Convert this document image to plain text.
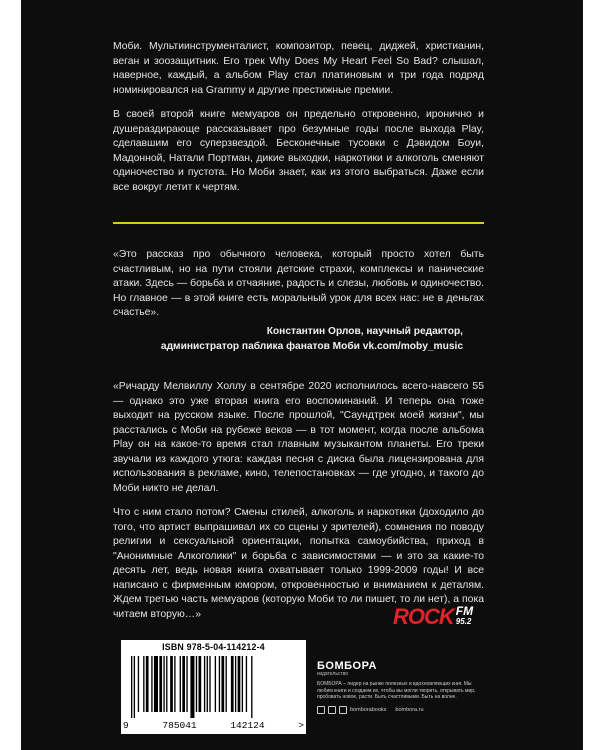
Моби. Мультиинструменталист, композитор, певец, диджей, христианин, веган и зоозащитник. Его трек Why Does My Heart Feel So Bad? слышал, наверное, каждый, а альбом Play стал платиновым и три года подряд номинировался на Grammy и другие престижные премии.

В своей второй книге мемуаров он предельно откровенно, иронично и душераздирающе рассказывает про безумные годы после выхода Play, сделавшим его суперзвездой. Бесконечные тусовки с Дэвидом Боуи, Мадонной, Натали Портман, дикие выходки, наркотики и алкоголь сменяют одиночество и пустота. Но Моби знает, как из этого выбраться. Даже если все вокруг летит к чертям.

«Это рассказ про обычного человека, который просто хотел быть счастливым, но на пути стояли детские страхи, комплексы и панические атаки. Здесь — борьба и отчаяние, радость и слезы, любовь и одиночество. Но главное — в этой книге есть моральный урок для всех нас: не в деньгах счастье».

Константин Орлов, научный редактор,
администратор паблика фанатов Моби vk.com/moby_music

«Ричарду Мелвиллу Холлу в сентябре 2020 исполнилось всего-навсего 55 — однако это уже вторая книга его воспоминаний. И теперь она тоже выходит на русском языке. После прошлой, "Саундтрек моей жизни", мы расстались с Моби на рубеже веков — в тот момент, когда после альбома Play он на какое-то время стал главным музыкантом планеты. Его треки звучали из каждого утюга: каждая песня с диска была лицензирована для использования в рекламе, кино, телепостановках — где угодно, и такого до Моби никто не делал.

Что с ним стало потом? Смены стилей, алкоголь и наркотики (доходило до того, что артист выпрашивал их со сцены у зрителей), сомнения по поводу религии и сексуальной ориентации, попытка самоубийства, приход в "Анонимные Алкоголики" и борьба с зависимостями — и это за какие-то десять лет, ведь новая книга охватывает только 1999-2009 годы! И все написано с фирменным юмором, откровенностью и вниманием к деталям. Ждем третью часть мемуаров (которую Моби то ли пишет, то ли нет), а пока читаем вторую…»	ROCK FM
95.2
ISBN 978-5-04-114212-4
9	785041	142124	>
БОМБОРА
издательство
БОМБОРА – лидер на рынке полезных и вдохновляющих книг. Мы любим книги и создаем их, чтобы вы могли творить, открывать мир, пробовать новое, расти. Быть счастливыми. Быть на волне.
bomborabooks bombora.ru
